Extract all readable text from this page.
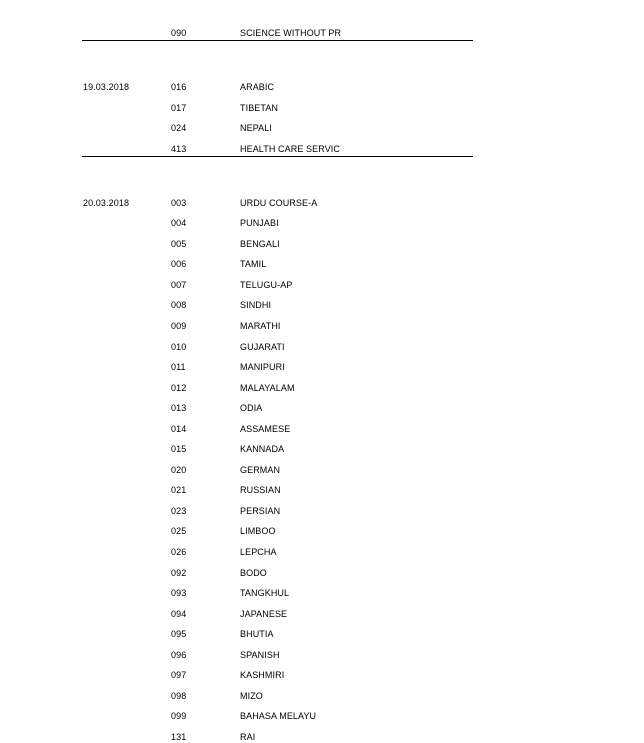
090	SCIENCE WITHOUT PR
19.03.2018	016	ARABIC
017	TIBETAN
024	NEPALI
413	HEALTH CARE SERVIC
20.03.2018	003	URDU COURSE-A
004	PUNJABI
005	BENGALI
006	TAMIL
007	TELUGU-AP
008	SINDHI
009	MARATHI
010	GUJARATI
011	MANIPURI
012	MALAYALAM
013	ODIA
014	ASSAMESE
015	KANNADA
020	GERMAN
021	RUSSIAN
023	PERSIAN
025	LIMBOO
026	LEPCHA
092	BODO
093	TANGKHUL
094	JAPANESE
095	BHUTIA
096	SPANISH
097	KASHMIRI
098	MIZO
099	BAHASA MELAYU
131	RAI
